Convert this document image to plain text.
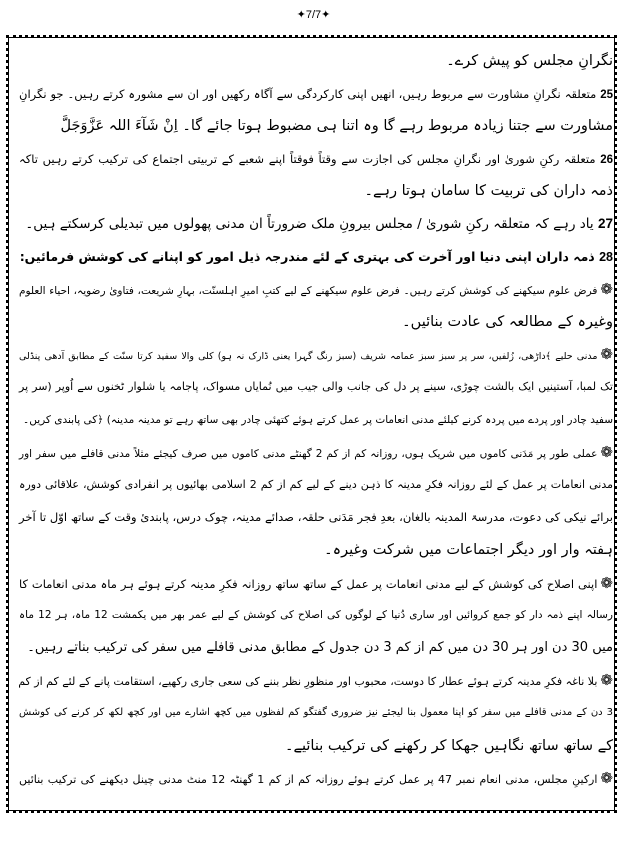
✦7/7✦
نگرانِ مجلس کو پیش کرے۔
25 متعلقہ نگرانِ مشاورت سے مربوط رہیں، انھیں اپنی کارکردگی سے آگاہ رکھیں اور ان سے مشورہ کرتے رہیں۔ جو نگرانِ
مشاورت سے جتنا زیادہ مربوط رہے گا وہ اتنا ہی مضبوط ہوتا جائے گا۔ اِنْ شَآءَ اللہ عَزَّوَجَلَّ
26 متعلقہ رکنِ شوریٰ اور نگرانِ مجلس کی اجازت سے وقتاً فوقتاً اپنے شعبے کے تربیتی اجتماع کی ترکیب کرتے رہیں تاکہ
ذمہ داران کی تربیت کا سامان ہوتا رہے۔
27 یاد رہے کہ متعلقہ رکنِ شوریٰ / مجلس بیرونِ ملک ضرورتاً ان مدنی پھولوں میں تبدیلی کرسکتے ہیں۔
28 ذمہ داران اپنی دنیا اور آخرت کی بہتری کے لئے مندرجہ ذیل امور کو اپنانے کی کوشش فرمائیں:
❁فرض علوم سیکھنے کی کوشش کرتے رہیں۔ فرض علوم سیکھنے کے لیے کتبِ امیرِ اہلسنّت، بہارِ شریعت، فتاویٰ رضویہ، احیاء العلوم
وغیرہ کے مطالعہ کی عادت بنائیں۔
❁مدنی حلیے ﴾داڑھی، زُلفیں، سر پر سبز سبز عمامہ شریف (سبز رنگ گہرا یعنی ڈارک نہ ہو) کلی والا سفید کرتا سنّت کے مطابق آدھی پنڈلی
تک لمبا، آستینیں ایک بالشت چوڑی، سینے پر دل کی جانب والی جیب میں نُمایاں مسواک، پاجامہ یا شلوار ٹخنوں سے اُوپر (سر پر
سفید چادر اور پردے میں پردہ کرنے کیلئے مدنی انعامات پر عمل کرتے ہوئے کتھئی چادر بھی ساتھ رہے تو مدینہ مدینہ) ﴿کی پابندی کریں۔
❁عملی طور پر مَدَنی کاموں میں شریک ہوں، روزانہ کم از کم 2 گھنٹے مدنی کاموں میں صرف کیجئے مثلاً مدنی قافلے میں سفر اور
مدنی انعامات پر عمل کے لئے روزانہ فکرِ مدینہ کا ذہن دینے کے لیے کم از کم 2 اسلامی بھائیوں پر انفرادی کوشش، علاقائی دورہ
برائے نیکی کی دعوت، مدرسۃ المدینہ بالغان، بعدِ فجر مَدَنی حلقہ، صدائے مدینہ، چوک درس، پابندیٔ وقت کے ساتھ اوّل تا آخر
ہفتہ وار اور دیگر اجتماعات میں شرکت وغیرہ۔
❁اپنی اصلاح کی کوشش کے لیے مدنی انعامات پر عمل کے ساتھ ساتھ روزانہ فکرِ مدینہ کرتے ہوئے ہر ماہ مدنی انعامات کا
رسالہ اپنے ذمہ دار کو جمع کروائیں اور ساری دُنیا کے لوگوں کی اصلاح کی کوشش کے لیے عمر بھر میں یکمشت 12 ماہ، ہر 12 ماہ
میں 30 دن اور ہر 30 دن میں کم از کم 3 دن جدول کے مطابق مدنی قافلے میں سفر کی ترکیب بناتے رہیں۔
❁بلا ناغہ فکرِ مدینہ کرتے ہوئے عطار کا دوست، محبوب اور منظورِ نظر بننے کی سعی جاری رکھیے، استقامت پانے کے لئے کم از کم
3 دن کے مدنی قافلے میں سفر کو اپنا معمول بنا لیجئے نیز ضروری گفتگو کم لفظوں میں کچھ اشارے میں اور کچھ لکھ کر کرنے کی کوشش
کے ساتھ ساتھ نگاہیں جھکا کر رکھنے کی ترکیب بنائیے۔
❁ارکینِ مجلس، مدنی انعام نمبر 47 پر عمل کرتے ہوئے روزانہ کم از کم 1 گھنٹہ 12 منٹ مدنی چینل دیکھنے کی ترکیب بنائیں
